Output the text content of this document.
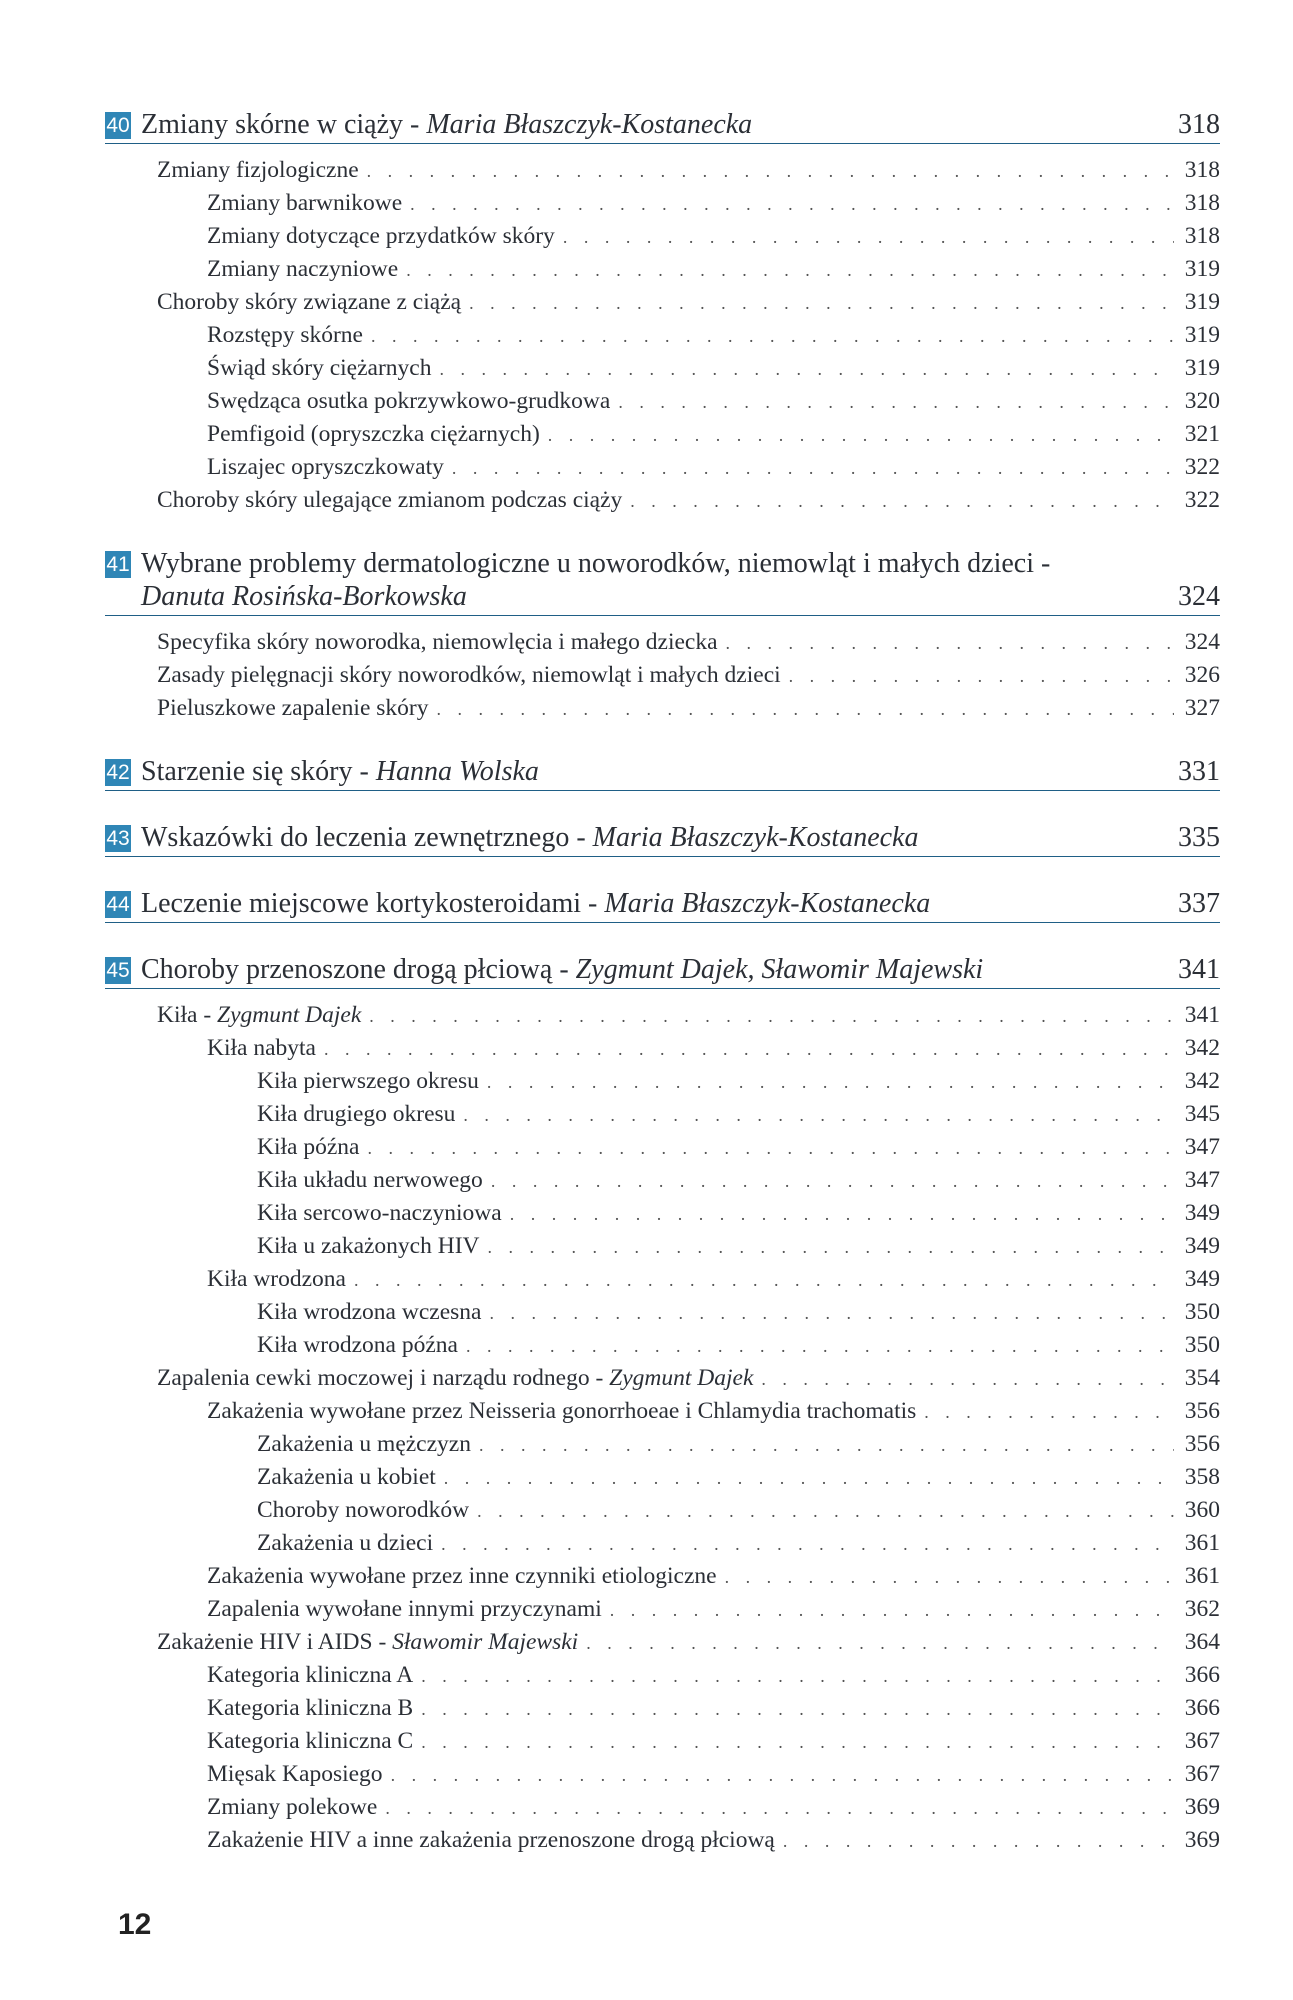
40 Zmiany skórne w ciąży - Maria Błaszczyk-Kostanecka	318
Zmiany fizjologiczne . . .	318
Zmiany barwnikowe . . .	318
Zmiany dotyczące przydatków skóry . . .	318
Zmiany naczyniowe . . .	319
Choroby skóry związane z ciążą . . .	319
Rozstępy skórne . . .	319
Świąd skóry ciężarnych . . .	319
Swędząca osutka pokrzywkowo-grudkowa . . .	320
Pemfigoid (opryszczka ciężarnych) . . .	321
Liszajec opryszczkowaty . . .	322
Choroby skóry ulegające zmianom podczas ciąży . . .	322
41 Wybrane problemy dermatologiczne u noworodków, niemowląt i małych dzieci - Danuta Rosińska-Borkowska	324
Specyfika skóry noworodka, niemowlęcia i małego dziecka . . .	324
Zasady pielęgnacji skóry noworodków, niemowląt i małych dzieci . . .	326
Pieluszkowe zapalenie skóry . . .	327
42 Starzenie się skóry - Hanna Wolska	331
43 Wskazówki do leczenia zewnętrznego - Maria Błaszczyk-Kostanecka	335
44 Leczenie miejscowe kortykosteroidami - Maria Błaszczyk-Kostanecka	337
45 Choroby przenoszone drogą płciową - Zygmunt Dajek, Sławomir Majewski	341
Kiła - Zygmunt Dajek . . .	341
Kiła nabyta . . .	342
Kiła pierwszego okresu . . .	342
Kiła drugiego okresu . . .	345
Kiła późna . . .	347
Kiła układu nerwowego . . .	347
Kiła sercowo-naczyniowa . . .	349
Kiła u zakażonych HIV . . .	349
Kiła wrodzona . . .	349
Kiła wrodzona wczesna . . .	350
Kiła wrodzona późna . . .	350
Zapalenia cewki moczowej i narządu rodnego - Zygmunt Dajek . . .	354
Zakażenia wywołane przez Neisseria gonorrhoeae i Chlamydia trachomatis . . .	356
Zakażenia u mężczyzn . . .	356
Zakażenia u kobiet . . .	358
Choroby noworodków . . .	360
Zakażenia u dzieci . . .	361
Zakażenia wywołane przez inne czynniki etiologiczne . . .	361
Zapalenia wywołane innymi przyczynami . . .	362
Zakażenie HIV i AIDS - Sławomir Majewski . . .	364
Kategoria kliniczna A . . .	366
Kategoria kliniczna B . . .	366
Kategoria kliniczna C . . .	367
Mięsak Kaposiego . . .	367
Zmiany polekowe . . .	369
Zakażenie HIV a inne zakażenia przenoszone drogą płciową . . .	369
12
